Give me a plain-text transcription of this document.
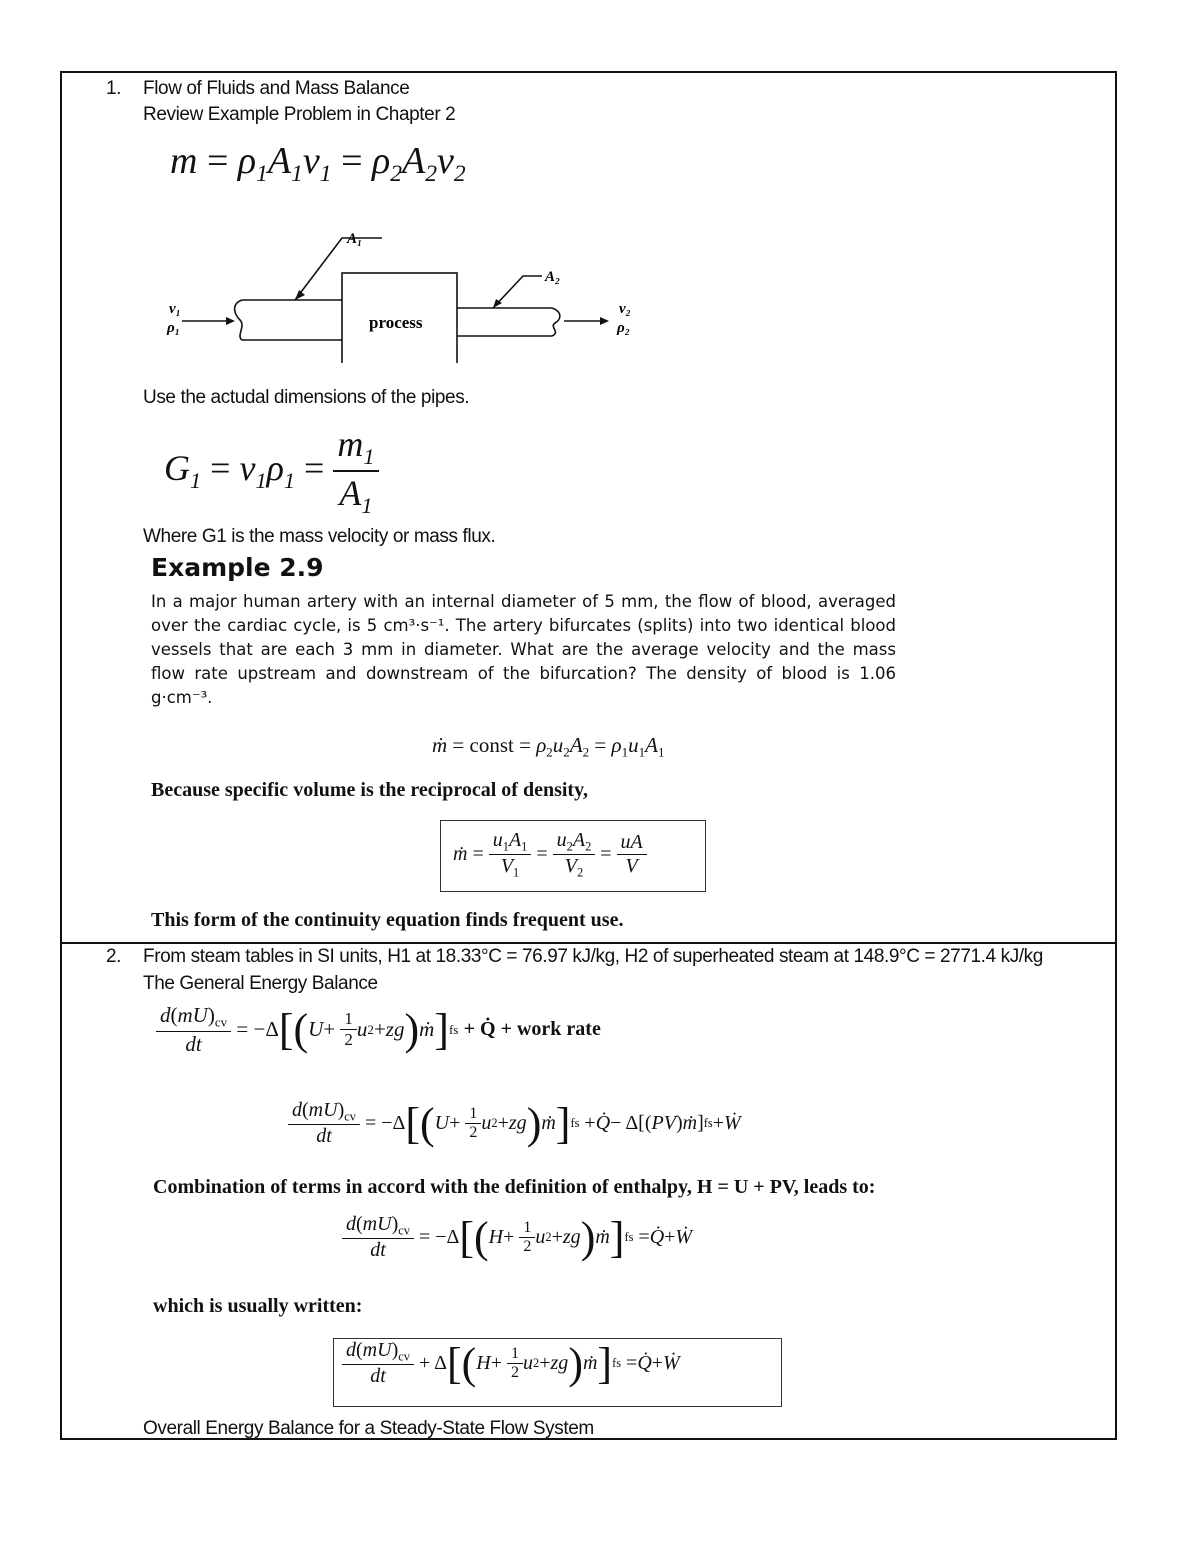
1. Flow of Fluids and Mass Balance
Review Example Problem in Chapter 2
$m = \rho_1A_1v_1 = \rho_2A_2v_2$
A₁
A₂
v₁
ρ₁
v₂
ρ₂
process
Use the actudal dimensions of the pipes.
$G_1 = v_1\rho_1 = \frac{m_1}{A_1}$
Where G1 is the mass velocity or mass flux.
Example 2.9
In a major human artery with an internal diameter of 5 mm, the flow of blood, averaged over the cardiac cycle, is 5 cm³·s⁻¹. The artery bifurcates (splits) into two identical blood vessels that are each 3 mm in diameter. What are the average velocity and the mass flow rate upstream and downstream of the bifurcation? The density of blood is 1.06 g·cm⁻³.
ṁ = const = $\rho_2u_2A_2 = \rho_1u_1A_1$
Because specific volume is the reciprocal of density,
ṁ = $\frac{u_1A_1}{V_1} = \frac{u_2A_2}{V_2} = \frac{uA}{V}$
This form of the continuity equation finds frequent use.
2. From steam tables in SI units, H1 at 18.33°C = 76.97 kJ/kg, H2 of superheated steam at 148.9°C = 2771.4 kJ/kg
The General Energy Balance
$\frac{d(mU)_{cv}}{dt} = -\Delta$ [ ( $U + \frac{1}{2}$ u 2 + zg ) ṁ ] fs
+ Q̇ + work rate
$\frac{d(mU)_{cv}}{dt} = -\Delta$ [ ( $U + \frac{1}{2}$ u 2 + zg ) ṁ ] fs + Q̇ − Δ[( PV ) ṁ ] fs + Ẇ
Combination of terms in accord with the definition of enthalpy, H = U + PV, leads to:
$\frac{d(mU)_{cv}}{dt} = -\Delta$ [ ( $H + \frac{1}{2}$ u 2 + zg ) ṁ ] fs = Q̇ + Ẇ
which is usually written:
$\frac{d(mU)_{cv}}{dt} + \Delta$ [ ( $H + \frac{1}{2}$ u 2 + zg ) ṁ ] fs = Q̇ + Ẇ
Overall Energy Balance for a Steady-State Flow System
